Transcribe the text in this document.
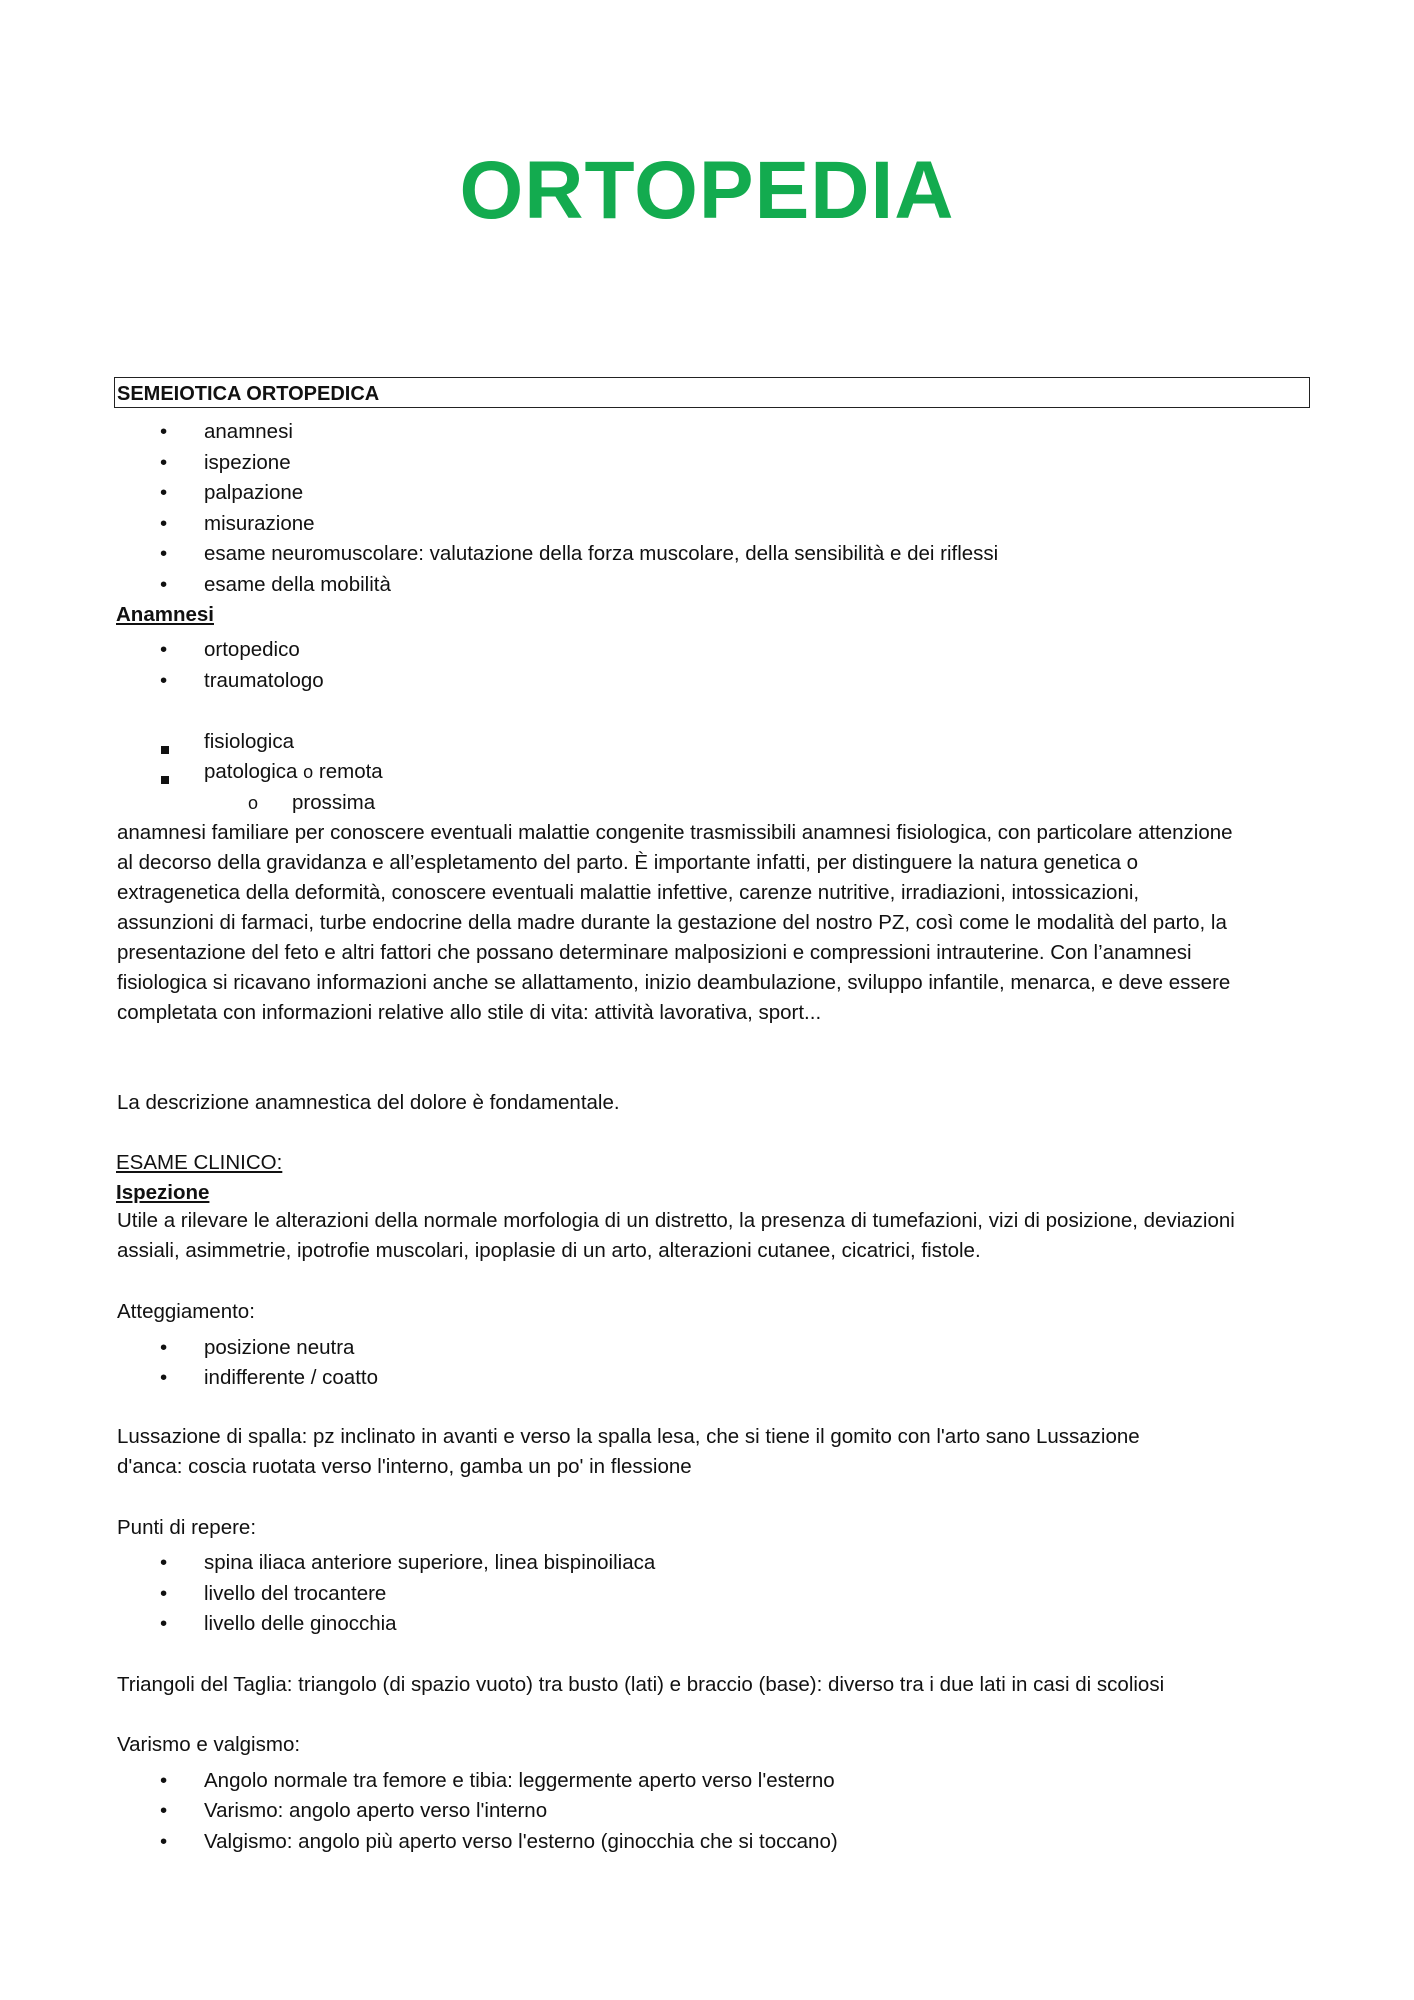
ORTOPEDIA
SEMEIOTICA ORTOPEDICA
• anamnesi
• ispezione
• palpazione
• misurazione
• esame neuromuscolare: valutazione della forza muscolare, della sensibilità e dei riflessi
• esame della mobilità
Anamnesi
• ortopedico
• traumatologo
fisiologica
patologica o remota
o prossima
anamnesi familiare per conoscere eventuali malattie congenite trasmissibili anamnesi fisiologica, con particolare attenzione
al decorso della gravidanza e all’espletamento del parto. È importante infatti, per distinguere la natura genetica o
extragenetica della deformità, conoscere eventuali malattie infettive, carenze nutritive, irradiazioni, intossicazioni,
assunzioni di farmaci, turbe endocrine della madre durante la gestazione del nostro PZ, così come le modalità del parto, la
presentazione del feto e altri fattori che possano determinare malposizioni e compressioni intrauterine. Con l’anamnesi
fisiologica si ricavano informazioni anche se allattamento, inizio deambulazione, sviluppo infantile, menarca, e deve essere
completata con informazioni relative allo stile di vita: attività lavorativa, sport...
La descrizione anamnestica del dolore è fondamentale.
ESAME CLINICO:
Ispezione
Utile a rilevare le alterazioni della normale morfologia di un distretto, la presenza di tumefazioni, vizi di posizione, deviazioni
assiali, asimmetrie, ipotrofie muscolari, ipoplasie di un arto, alterazioni cutanee, cicatrici, fistole.
Atteggiamento:
• posizione neutra
• indifferente / coatto
Lussazione di spalla: pz inclinato in avanti e verso la spalla lesa, che si tiene il gomito con l'arto sano Lussazione
d'anca: coscia ruotata verso l'interno, gamba un po' in flessione
Punti di repere:
• spina iliaca anteriore superiore, linea bispinoiliaca
• livello del trocantere
• livello delle ginocchia
Triangoli del Taglia: triangolo (di spazio vuoto) tra busto (lati) e braccio (base): diverso tra i due lati in casi di scoliosi
Varismo e valgismo:
• Angolo normale tra femore e tibia: leggermente aperto verso l'esterno
• Varismo: angolo aperto verso l'interno
• Valgismo: angolo più aperto verso l'esterno (ginocchia che si toccano)
